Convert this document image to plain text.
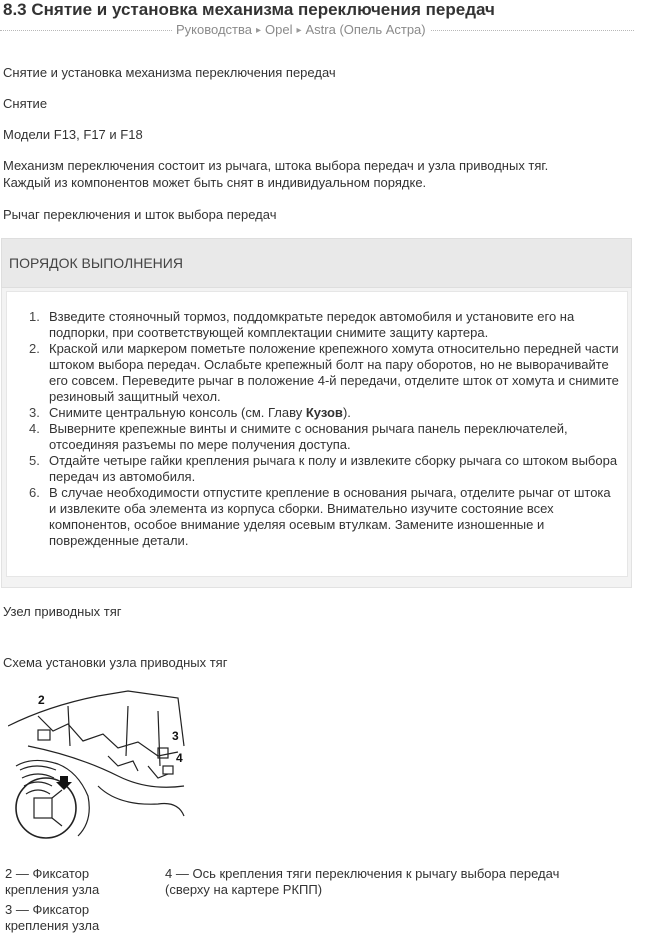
8.3 Снятие и установка механизма переключения передач
Руководства ▸ Opel ▸ Astra (Опель Астра)

Снятие и установка механизма переключения передач

Снятие

Модели F13, F17 и F18

Механизм переключения состоит из рычага, штока выбора передач и узла приводных тяг.
Каждый из компонентов может быть снят в индивидуальном порядке.

Рычаг переключения и шток выбора передач

ПОРЯДОК ВЫПОЛНЕНИЯ
Взведите стояночный тормоз, поддомкратьте передок автомобиля и установите его на подпорки, при соответствующей комплектации снимите защиту картера.
Краской или маркером пометьте положение крепежного хомута относительно передней части штоком выбора передач. Ослабьте крепежный болт на пару оборотов, но не выворачивайте его совсем. Переведите рычаг в положение 4-й передачи, отделите шток от хомута и снимите резиновый защитный чехол.
Снимите центральную консоль (см. Главу Кузов).
Выверните крепежные винты и снимите с основания рычага панель переключателей, отсоединяя разъемы по мере получения доступа.
Отдайте четыре гайки крепления рычага к полу и извлеките сборку рычага со штоком выбора передач из автомобиля.
В случае необходимости отпустите крепление в основания рычага, отделите рычаг от штока и извлеките оба элемента из корпуса сборки. Внимательно изучите состояние всех компонентов, особое внимание уделяя осевым втулкам. Замените изношенные и поврежденные детали.

Узел приводных тяг

Схема установки узла приводных тяг

2
3
4
2 — Фиксатор
крепления узла
3 — Фиксатор
крепления узла
4 — Ось крепления тяги переключения к рычагу выбора передач
(сверху на картере РКПП)
